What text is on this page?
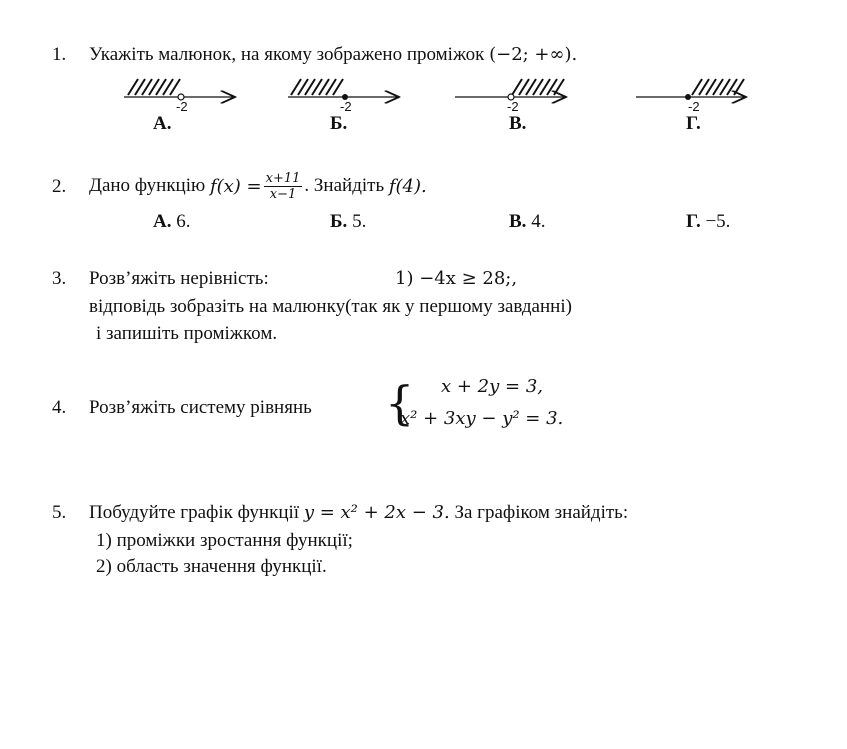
1. Укажіть малюнок, на якому зображено проміжок (−2; +∞).
-2	-2	-2	-2
А.	Б.	В.	Г.
2. Дано функцію
$f(x) = \frac{x+11}{x-1}$ . Знайдіть
f(4).
А. 6.	Б. 5.	В. 4.	Г. −5.
3. Розв’яжіть нерівність:	1) −4x ≥ 28;,
відповідь зобразіть на малюнку(так як у першому завданні)
і запишіть проміжком.
4. Розв’яжіть систему рівнянь { x + 2y = 3,
x² + 3xy − y² = 3.
5. Побудуйте графік функції y = x² + 2x − 3. За графіком знайдіть:
1) проміжки зростання функції;
2) область значення функції.
